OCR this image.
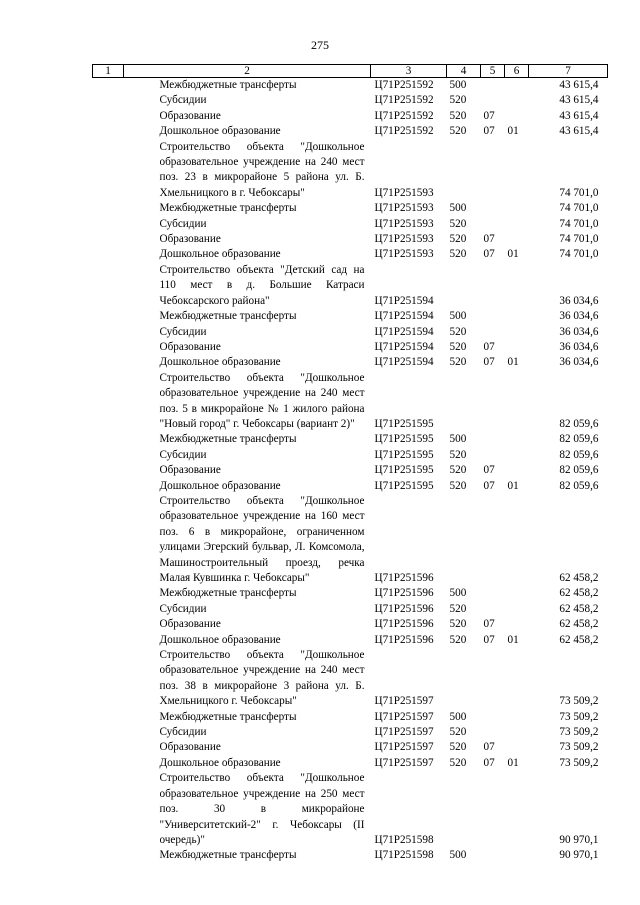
275
1	2	3	4	5	6	7

	Межбюджетные трансферты	Ц71Р251592	500			43 615,4

	Субсидии	Ц71Р251592	520			43 615,4

	Образование	Ц71Р251592	520	07		43 615,4

	Дошкольное образование	Ц71Р251592	520	07	01	43 615,4

	Строительство объекта "Дошкольное образовательное учреждение на 240 мест поз. 23 в микрорайоне 5 района ул. Б. Хмельницкого в г. Чебоксары"	Ц71Р251593				74 701,0

	Межбюджетные трансферты	Ц71Р251593	500			74 701,0

	Субсидии	Ц71Р251593	520			74 701,0

	Образование	Ц71Р251593	520	07		74 701,0

	Дошкольное образование	Ц71Р251593	520	07	01	74 701,0

	Строительство объекта "Детский сад на 110 мест в д. Большие Катраси Чебоксарского района"	Ц71Р251594				36 034,6

	Межбюджетные трансферты	Ц71Р251594	500			36 034,6

	Субсидии	Ц71Р251594	520			36 034,6

	Образование	Ц71Р251594	520	07		36 034,6

	Дошкольное образование	Ц71Р251594	520	07	01	36 034,6

	Строительство объекта "Дошкольное образовательное учреждение на 240 мест поз. 5 в микрорайоне № 1 жилого района "Новый город" г. Чебоксары (вариант 2)"	Ц71Р251595				82 059,6

	Межбюджетные трансферты	Ц71Р251595	500			82 059,6

	Субсидии	Ц71Р251595	520			82 059,6

	Образование	Ц71Р251595	520	07		82 059,6

	Дошкольное образование	Ц71Р251595	520	07	01	82 059,6

	Строительство объекта "Дошкольное образовательное учреждение на 160 мест поз. 6 в микрорайоне, ограниченном улицами Эгерский бульвар, Л. Комсомола, Машиностроительный проезд, речка Малая Кувшинка г. Чебоксары"	Ц71Р251596				62 458,2

	Межбюджетные трансферты	Ц71Р251596	500			62 458,2

	Субсидии	Ц71Р251596	520			62 458,2

	Образование	Ц71Р251596	520	07		62 458,2

	Дошкольное образование	Ц71Р251596	520	07	01	62 458,2

	Строительство объекта "Дошкольное образовательное учреждение на 240 мест поз. 38 в микрорайоне 3 района ул. Б. Хмельницкого г. Чебоксары"	Ц71Р251597				73 509,2

	Межбюджетные трансферты	Ц71Р251597	500			73 509,2

	Субсидии	Ц71Р251597	520			73 509,2

	Образование	Ц71Р251597	520	07		73 509,2

	Дошкольное образование	Ц71Р251597	520	07	01	73 509,2

	Строительство объекта "Дошкольное образовательное учреждение на 250 мест поз. 30 в микрорайоне "Университетский-2" г. Чебоксары (II очередь)"	Ц71Р251598				90 970,1

	Межбюджетные трансферты	Ц71Р251598	500			90 970,1
